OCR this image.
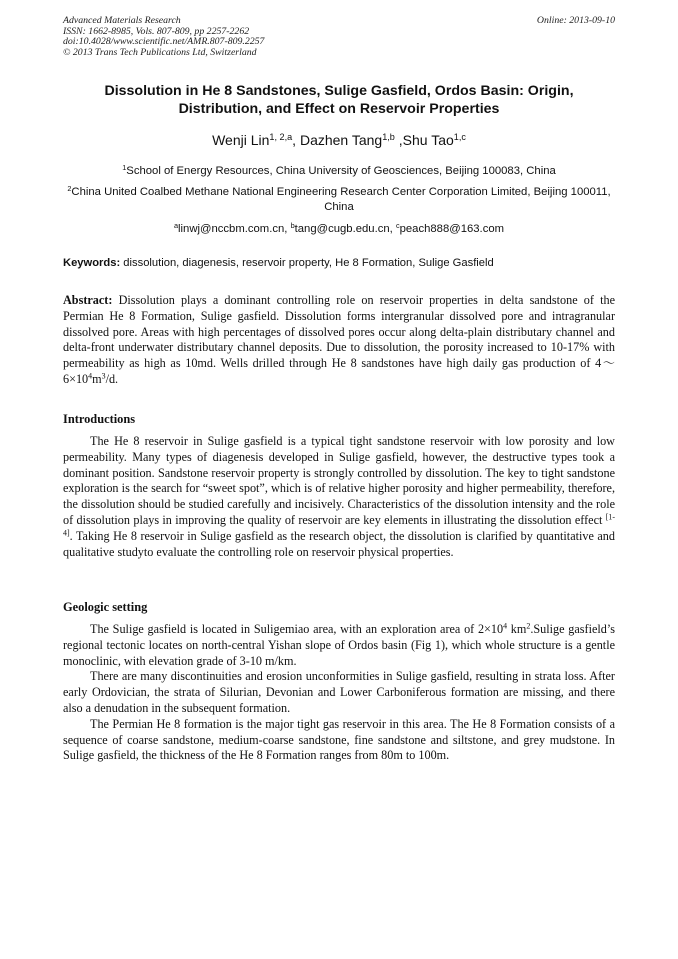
Advanced Materials Research
ISSN: 1662-8985, Vols. 807-809, pp 2257-2262
doi:10.4028/www.scientific.net/AMR.807-809.2257
© 2013 Trans Tech Publications Ltd, Switzerland
Online: 2013-09-10
Dissolution in He 8 Sandstones, Sulige Gasfield, Ordos Basin: Origin,
Distribution, and Effect on Reservoir Properties
Wenji Lin$^{1, 2,a}$, Dazhen Tang$^{1,b}$ ,Shu Tao$^{1,c}$
$^1$School of Energy Resources, China University of Geosciences, Beijing 100083, China
$^2$China United Coalbed Methane National Engineering Research Center Corporation Limited, Beijing 100011, China
$^a$linwj@nccbm.com.cn, $^b$tang@cugb.edu.cn, $^c$peach888@163.com
Keywords: dissolution, diagenesis, reservoir property, He 8 Formation, Sulige Gasfield

Abstract: Dissolution plays a dominant controlling role on reservoir properties in delta sandstone of the Permian He 8 Formation, Sulige gasfield. Dissolution forms intergranular dissolved pore and intragranular dissolved pore. Areas with high percentages of dissolved pores occur along delta-plain distributary channel and delta-front underwater distributary channel deposits. Due to dissolution, the porosity increased to 10-17% with permeability as high as 10md. Wells drilled through He 8 sandstones have high daily gas production of $4\sim 6\times 10^4m^3/d$.

Introductions

The He 8 reservoir in Sulige gasfield is a typical tight sandstone reservoir with low porosity and low permeability. Many types of diagenesis developed in Sulige gasfield, however, the destructive types took a dominant position. Sandstone reservoir property is strongly controlled by dissolution. The key to tight sandstone exploration is the search for “sweet spot”, which is of relative higher porosity and higher permeability, therefore, the dissolution should be studied carefully and incisively. Characteristics of the dissolution intensity and the role of dissolution plays in improving the quality of reservoir are key elements in illustrating the dissolution effect [1-4]. Taking He 8 reservoir in Sulige gasfield as the research object, the dissolution is clarified by quantitative and qualitative studyto evaluate the controlling role on reservoir physical properties.

Geologic setting

The Sulige gasfield is located in Suligemiao area, with an exploration area of $2\times 10^4$ $km^2.Sulige$ gasfield’s regional tectonic locates on north-central Yishan slope of Ordos basin (Fig 1), which whole structure is a gentle monoclinic, with elevation grade of 3-10 m/km.

There are many discontinuities and erosion unconformities in Sulige gasfield, resulting in strata loss. After early Ordovician, the strata of Silurian, Devonian and Lower Carboniferous formation are missing, and there also a denudation in the subsequent formation.

The Permian He 8 formation is the major tight gas reservoir in this area. The He 8 Formation consists of a sequence of coarse sandstone, medium-coarse sandstone, fine sandstone and siltstone, and grey mudstone. In Sulige gasfield, the thickness of the He 8 Formation ranges from 80m to 100m.
